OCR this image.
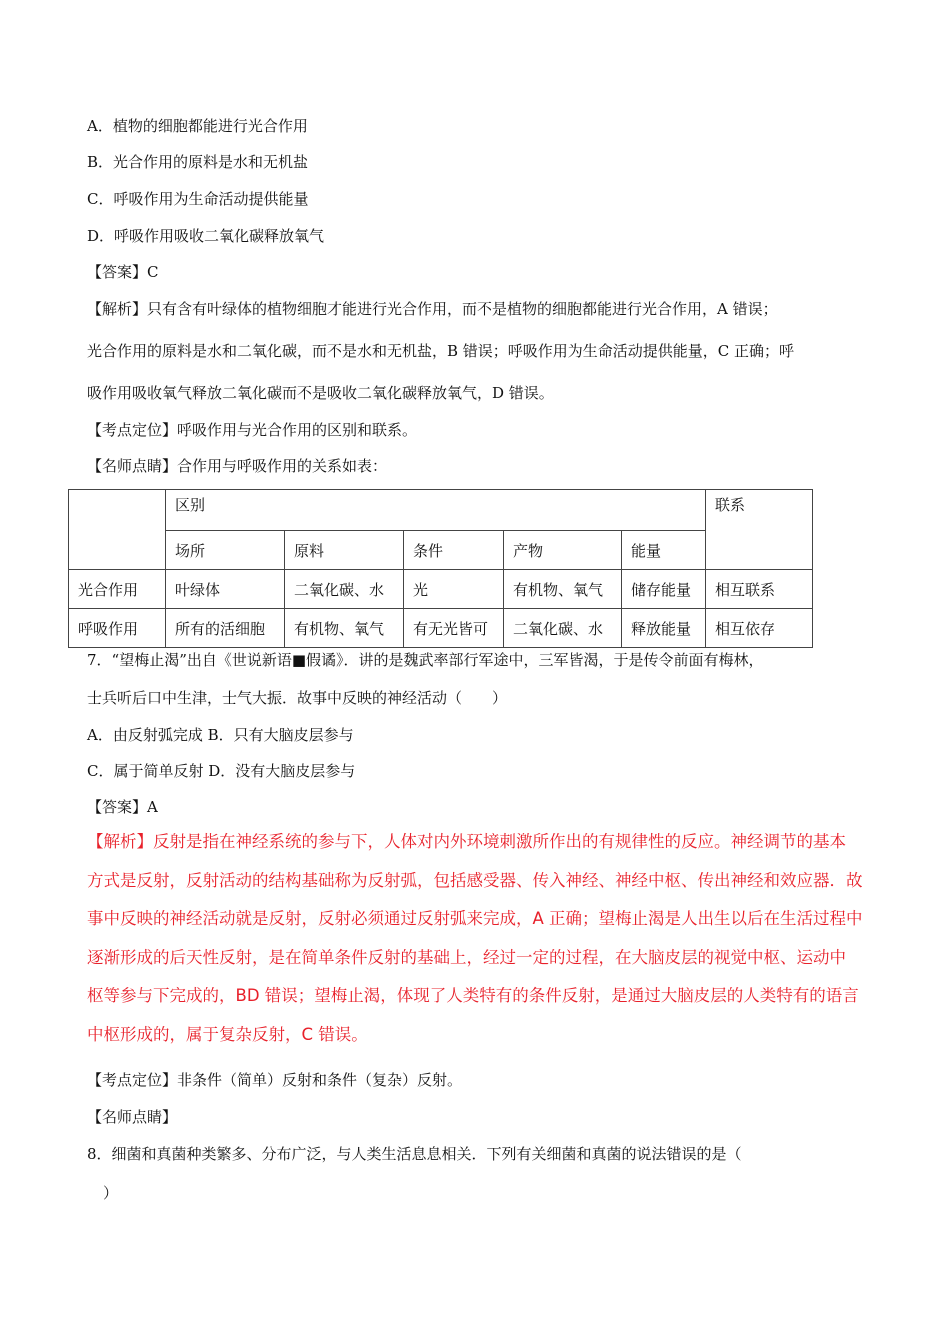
A．植物的细胞都能进行光合作用
B．光合作用的原料是水和无机盐
C．呼吸作用为生命活动提供能量
D．呼吸作用吸收二氧化碳释放氧气
【答案】C
【解析】只有含有叶绿体的植物细胞才能进行光合作用，而不是植物的细胞都能进行光合作用，A 错误；
光合作用的原料是水和二氧化碳，而不是水和无机盐，B 错误；呼吸作用为生命活动提供能量，C 正确；呼
吸作用吸收氧气释放二氧化碳而不是吸收二氧化碳释放氧气，D 错误。
【考点定位】呼吸作用与光合作用的区别和联系。
【名师点睛】合作用与呼吸作用的关系如表：
	区别					联系
	场所	原料	条件	产物	能量	
光合作用	叶绿体	二氧化碳、水	光	有机物、氧气	储存能量	相互联系
呼吸作用	所有的活细胞	有机物、氧气	有无光皆可	二氧化碳、水	释放能量	相互依存
7．“望梅止渴”出自《世说新语■假谲》．讲的是魏武率部行军途中，三军皆渴，于是传令前面有梅林，
士兵听后口中生津，士气大振．故事中反映的神经活动（　　）
A．由反射弧完成 B．只有大脑皮层参与
C．属于简单反射 D．没有大脑皮层参与
【答案】A
【解析】反射是指在神经系统的参与下，人体对内外环境刺激所作出的有规律性的反应。神经调节的基本
方式是反射，反射活动的结构基础称为反射弧，包括感受器、传入神经、神经中枢、传出神经和效应器．故
事中反映的神经活动就是反射，反射必须通过反射弧来完成，A 正确；望梅止渴是人出生以后在生活过程中
逐渐形成的后天性反射，是在简单条件反射的基础上，经过一定的过程，在大脑皮层的视觉中枢、运动中
枢等参与下完成的，BD 错误；望梅止渴，体现了人类特有的条件反射，是通过大脑皮层的人类特有的语言
中枢形成的，属于复杂反射，C 错误。
【考点定位】非条件（简单）反射和条件（复杂）反射。
【名师点睛】
8．细菌和真菌种类繁多、分布广泛，与人类生活息息相关．下列有关细菌和真菌的说法错误的是（
）
